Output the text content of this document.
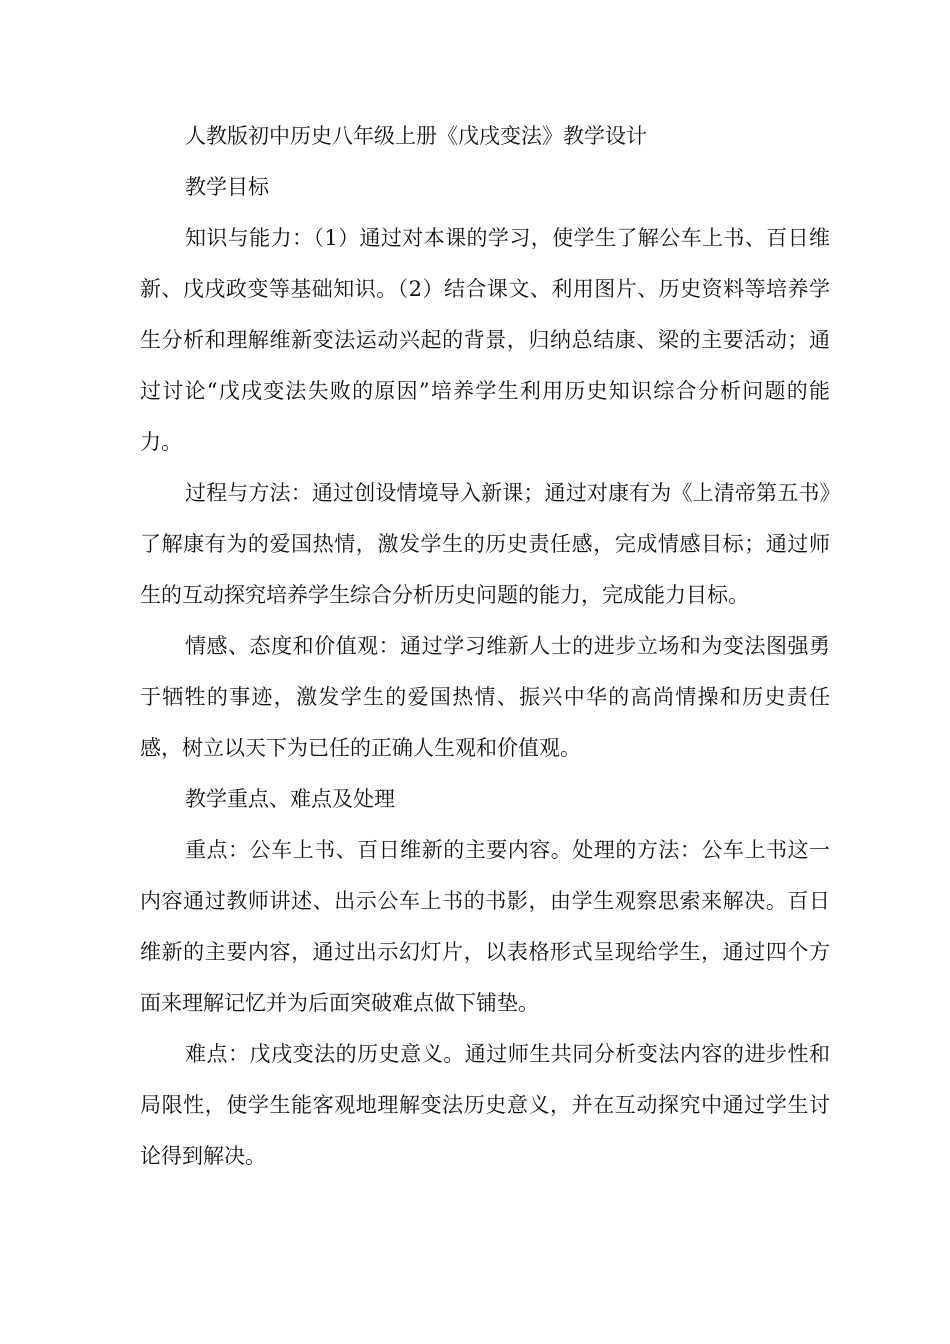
人教版初中历史八年级上册《戊戌变法》教学设计

教学目标

知识与能力：（1）通过对本课的学习，使学生了解公车上书、百日维新、戊戌政变等基础知识。（2）结合课文、利用图片、历史资料等培养学生分析和理解维新变法运动兴起的背景，归纳总结康、梁的主要活动；通过讨论“戊戌变法失败的原因”培养学生利用历史知识综合分析问题的能力。

过程与方法：通过创设情境导入新课；通过对康有为《上清帝第五书》了解康有为的爱国热情，激发学生的历史责任感，完成情感目标；通过师生的互动探究培养学生综合分析历史问题的能力，完成能力目标。

情感、态度和价值观：通过学习维新人士的进步立场和为变法图强勇于牺牲的事迹，激发学生的爱国热情、振兴中华的高尚情操和历史责任感，树立以天下为已任的正确人生观和价值观。

教学重点、难点及处理

重点：公车上书、百日维新的主要内容。处理的方法：公车上书这一内容通过教师讲述、出示公车上书的书影，由学生观察思索来解决。百日维新的主要内容，通过出示幻灯片，以表格形式呈现给学生，通过四个方面来理解记忆并为后面突破难点做下铺垫。

难点：戊戌变法的历史意义。通过师生共同分析变法内容的进步性和局限性，使学生能客观地理解变法历史意义，并在互动探究中通过学生讨论得到解决。
